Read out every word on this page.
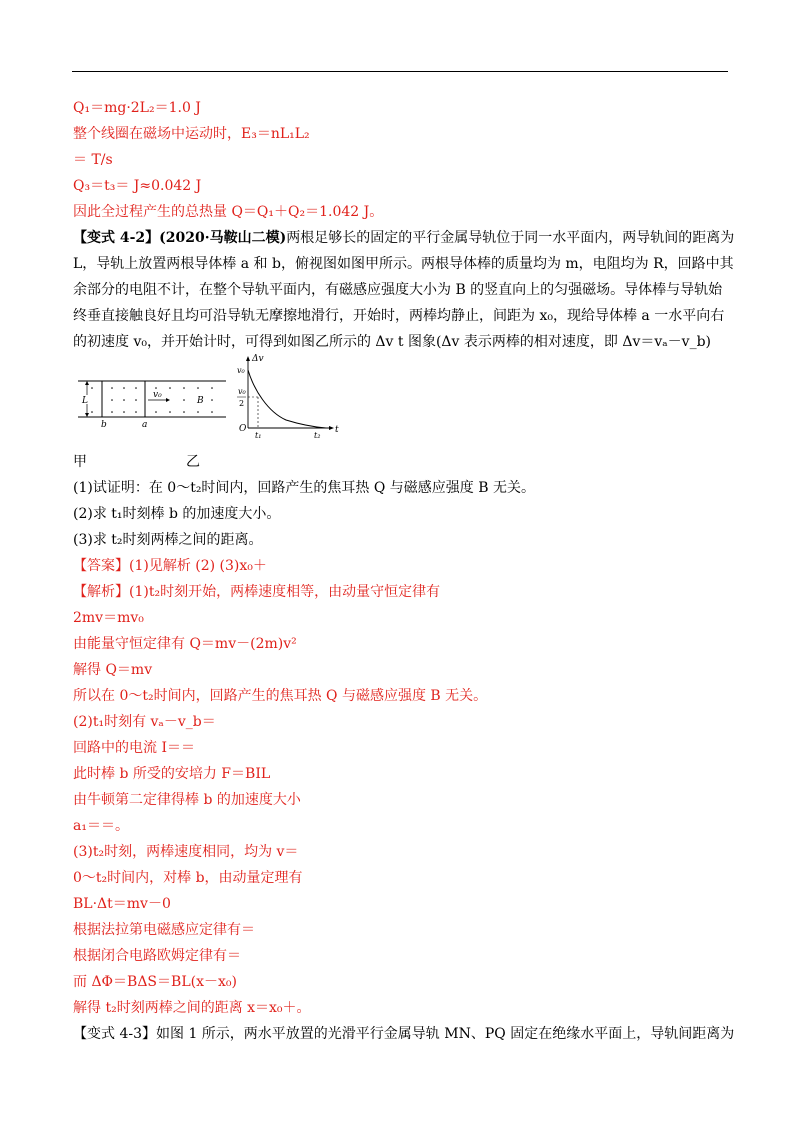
Q₁＝mg·2L₂＝1.0 J
整个线圈在磁场中运动时，E₃＝nL₁L₂
＝ T/s
Q₃＝t₃＝ J≈0.042 J
因此全过程产生的总热量 Q＝Q₁＋Q₂＝1.042 J。
【变式 4-2】(2020·马鞍山二模)两根足够长的固定的平行金属导轨位于同一水平面内，两导轨间的距离为
L，导轨上放置两根导体棒 a 和 b，俯视图如图甲所示。两根导体棒的质量均为 m，电阻均为 R，回路中其
余部分的电阻不计，在整个导轨平面内，有磁感应强度大小为 B 的竖直向上的匀强磁场。导体棒与导轨始
终垂直接触良好且均可沿导轨无摩擦地滑行，开始时，两棒均静止，间距为 x₀，现给导体棒 a 一水平向右
的初速度 v₀，并开始计时，可得到如图乙所示的 Δv t 图象(Δv 表示两棒的相对速度，即 Δv＝vₐ－v_b)
L
v₀
B
b	a
Δv
v₀
v₀
2
O
t₁	t₂
t
甲	乙
(1)试证明：在 0～t₂时间内，回路产生的焦耳热 Q 与磁感应强度 B 无关。
(2)求 t₁时刻棒 b 的加速度大小。
(3)求 t₂时刻两棒之间的距离。
【答案】(1)见解析 (2) (3)x₀＋
【解析】(1)t₂时刻开始，两棒速度相等，由动量守恒定律有
2mv＝mv₀
由能量守恒定律有 Q＝mv－(2m)v²
解得 Q＝mv
所以在 0～t₂时间内，回路产生的焦耳热 Q 与磁感应强度 B 无关。
(2)t₁时刻有 vₐ－v_b＝
回路中的电流 I＝＝
此时棒 b 所受的安培力 F＝BIL
由牛顿第二定律得棒 b 的加速度大小
a₁＝＝。
(3)t₂时刻，两棒速度相同，均为 v＝
0～t₂时间内，对棒 b，由动量定理有
BL·Δt＝mv－0
根据法拉第电磁感应定律有＝
根据闭合电路欧姆定律有＝
而 ΔΦ＝BΔS＝BL(x－x₀)
解得 t₂时刻两棒之间的距离 x＝x₀＋。
【变式 4-3】如图 1 所示，两水平放置的光滑平行金属导轨 MN、PQ 固定在绝缘水平面上，导轨间距离为
